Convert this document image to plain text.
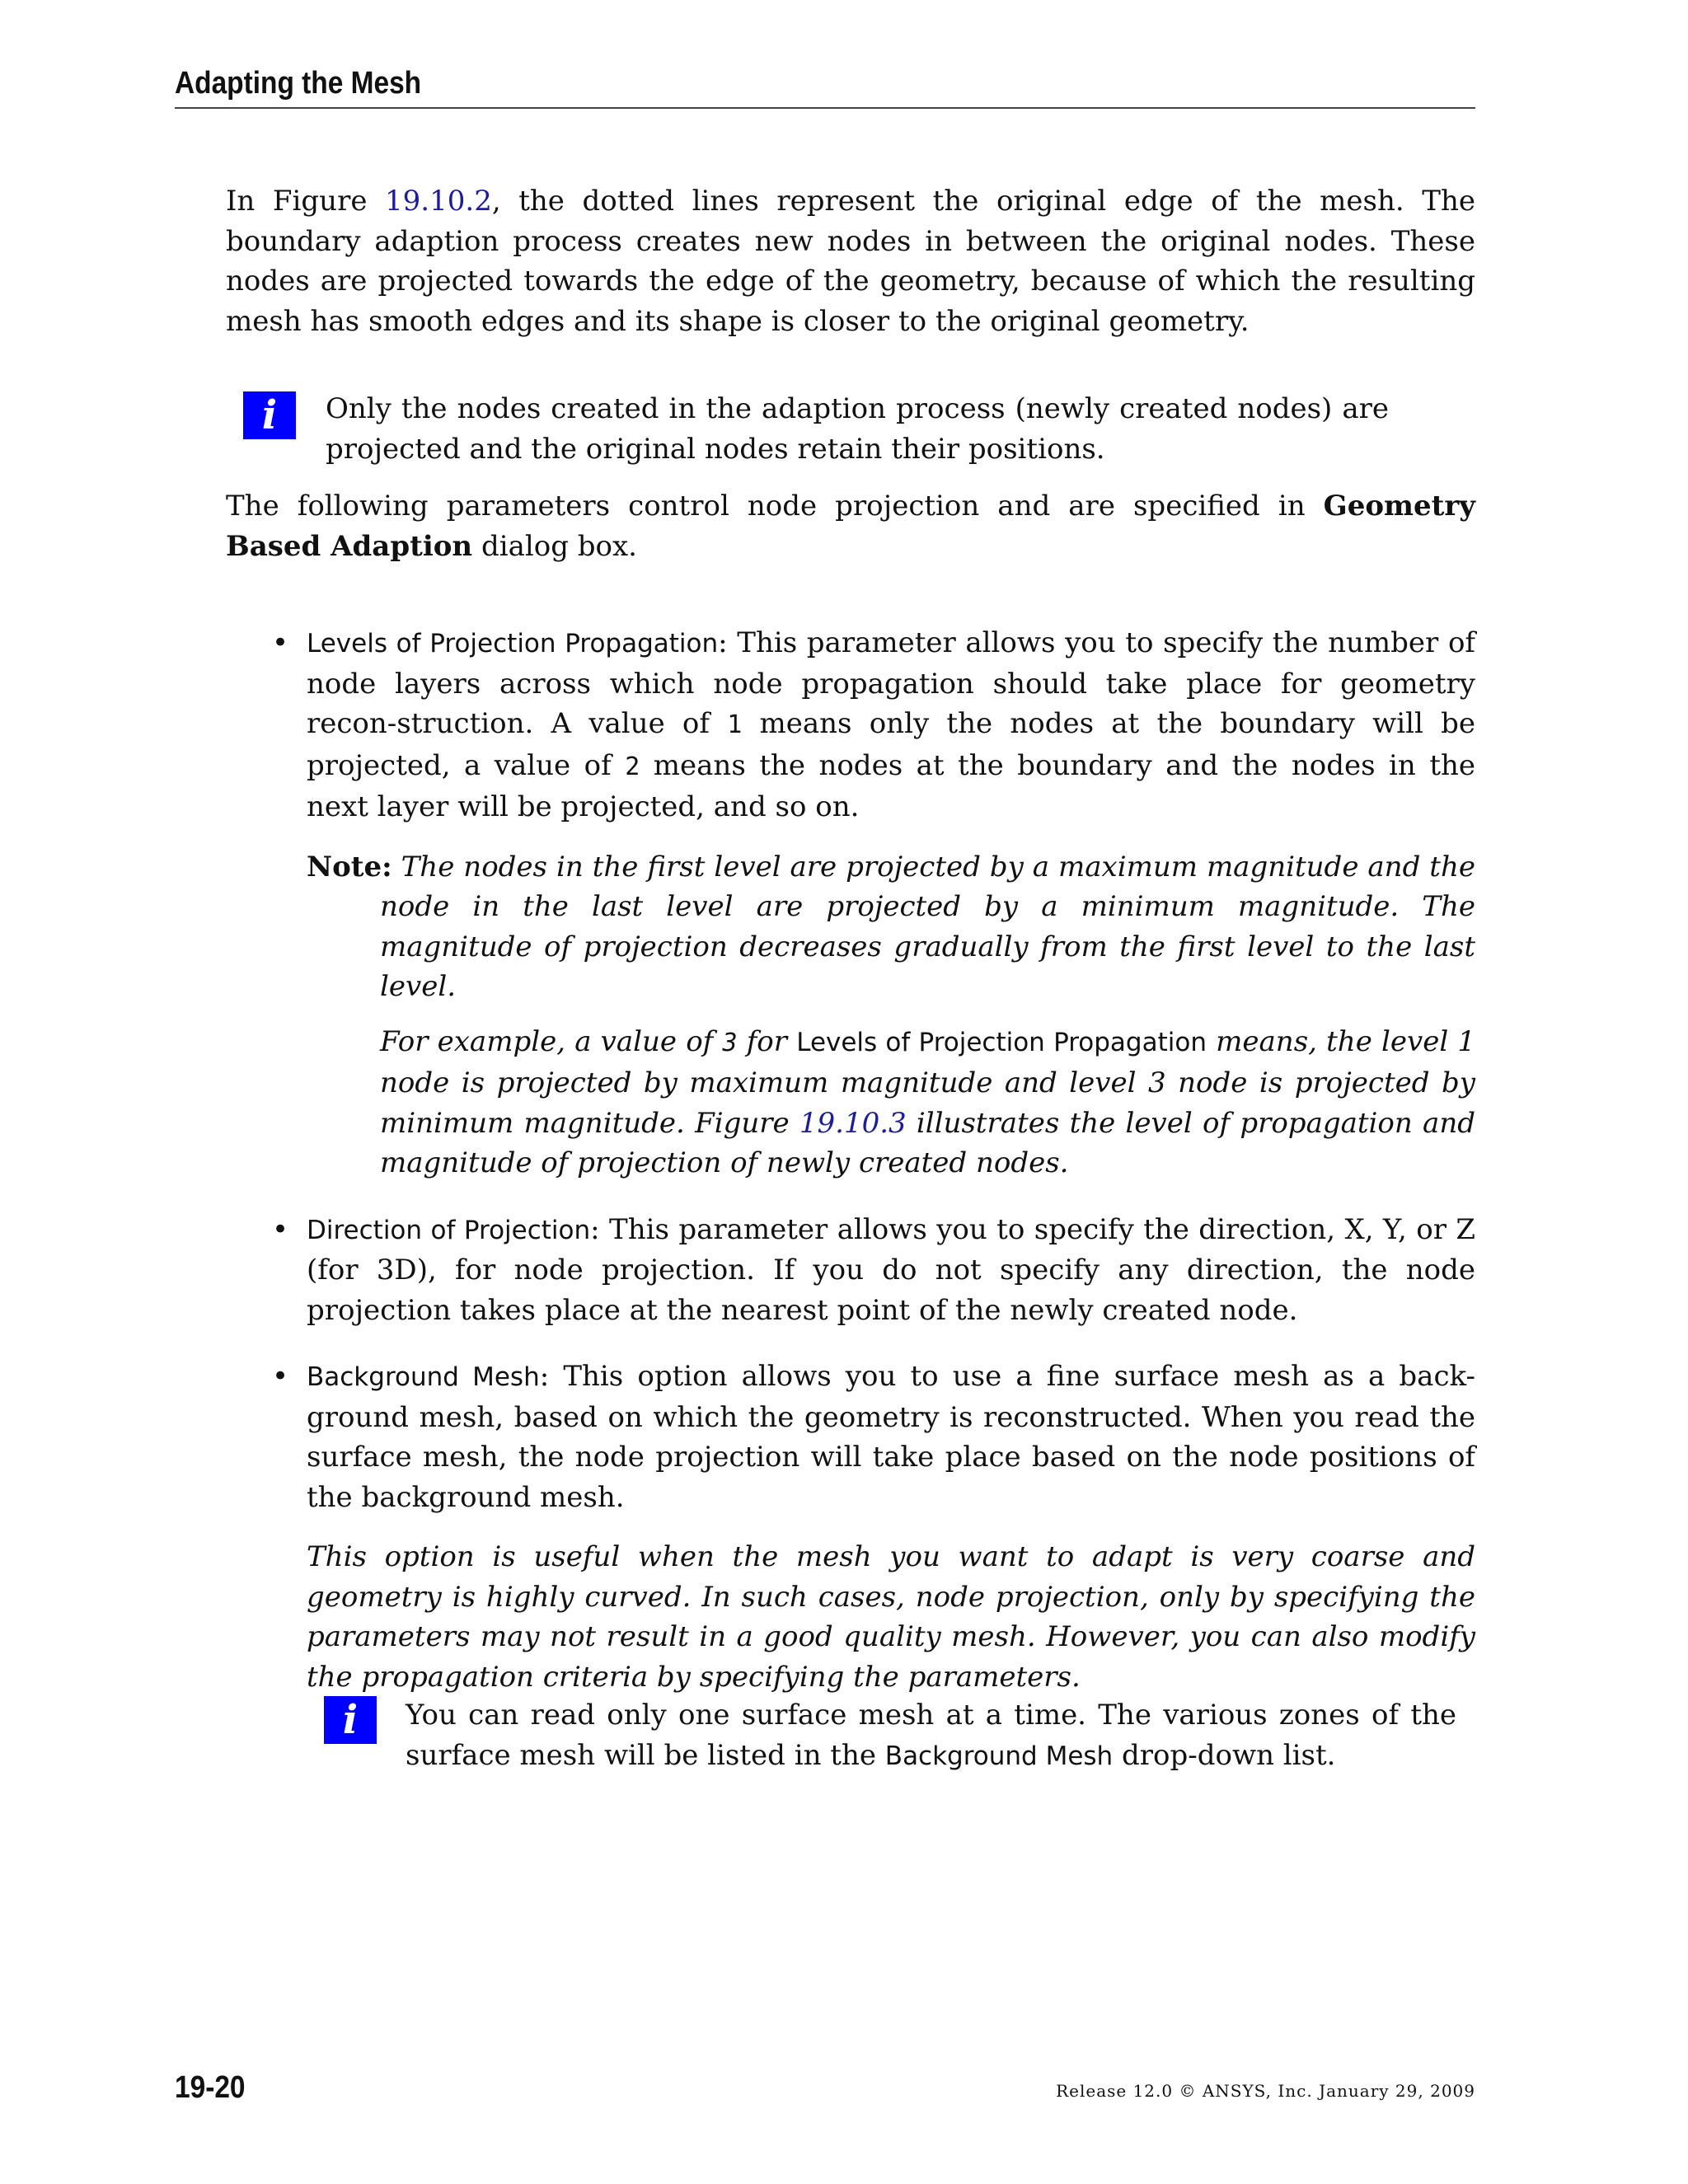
Adapting the Mesh

In Figure 19.10.2, the dotted lines represent the original edge of the mesh. The boundary adaption process creates new nodes in between the original nodes. These nodes are projected towards the edge of the geometry, because of which the resulting mesh has smooth edges and its shape is closer to the original geometry.

i	Only the nodes created in the adaption process (newly created nodes) are projected and the original nodes retain their positions.

The following parameters control node projection and are specified in Geometry Based Adaption dialog box.

• Levels of Projection Propagation: This parameter allows you to specify the number of node layers across which node propagation should take place for geometry recon-struction. A value of 1 means only the nodes at the boundary will be projected, a value of 2 means the nodes at the boundary and the nodes in the next layer will be projected, and so on.
Note: The nodes in the first level are projected by a maximum magnitude and the node in the last level are projected by a minimum magnitude. The magnitude of projection decreases gradually from the first level to the last level.
For example, a value of 3 for Levels of Projection Propagation means, the level 1 node is projected by maximum magnitude and level 3 node is projected by minimum magnitude. Figure 19.10.3 illustrates the level of propagation and magnitude of projection of newly created nodes.
• Direction of Projection: This parameter allows you to specify the direction, X, Y, or Z (for 3D), for node projection. If you do not specify any direction, the node projection takes place at the nearest point of the newly created node.
• Background Mesh: This option allows you to use a fine surface mesh as a back-ground mesh, based on which the geometry is reconstructed. When you read the surface mesh, the node projection will take place based on the node positions of the background mesh.
This option is useful when the mesh you want to adapt is very coarse and geometry is highly curved. In such cases, node projection, only by specifying the parameters may not result in a good quality mesh. However, you can also modify the propagation criteria by specifying the parameters.
i	You can read only one surface mesh at a time. The various zones of the surface mesh will be listed in the Background Mesh drop-down list.
19-20	Release 12.0 © ANSYS, Inc. January 29, 2009
